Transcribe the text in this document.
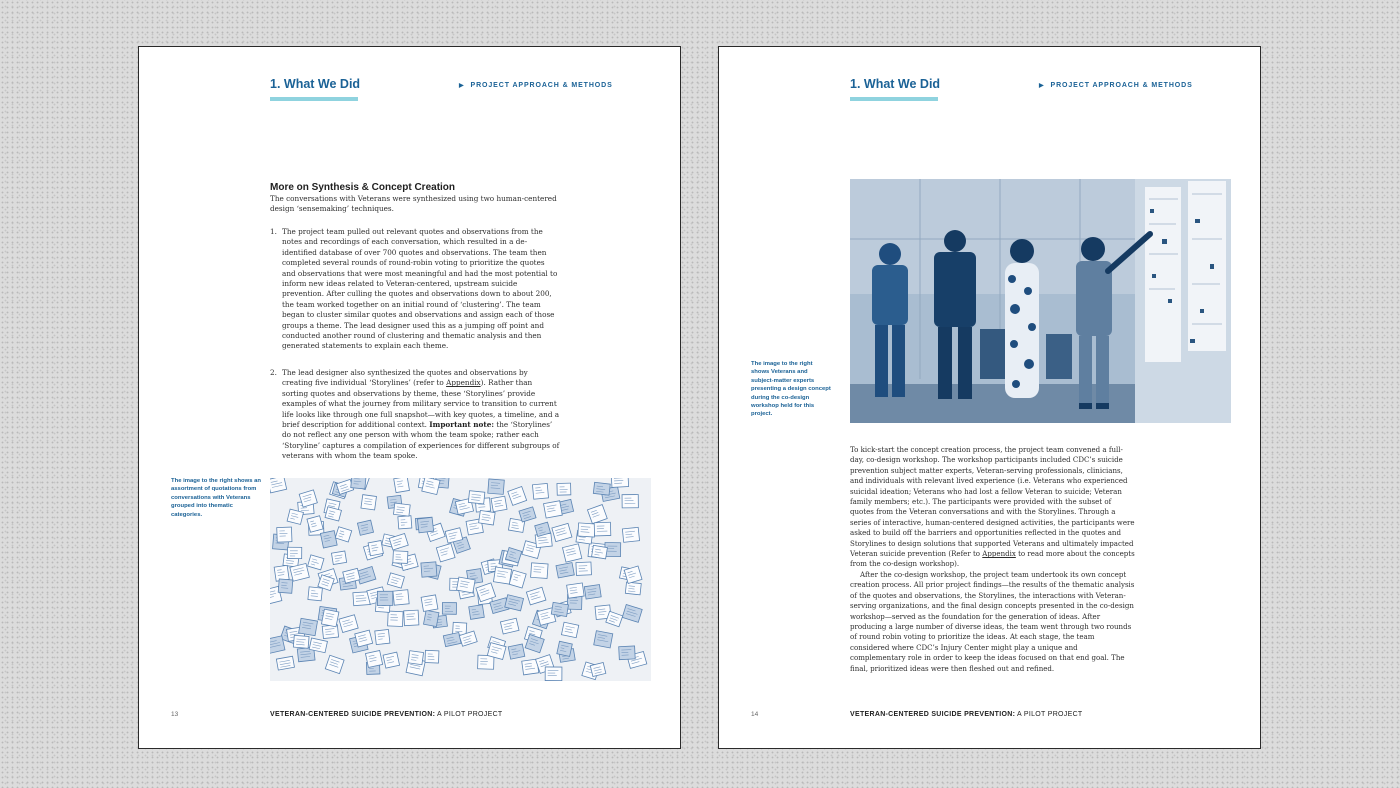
1. What We Did	▶ PROJECT APPROACH & METHODS
More on Synthesis & Concept Creation
The conversations with Veterans were synthesized using two human-centered design ‘sensemaking’ techniques.
1. The project team pulled out relevant quotes and observations from the notes and recordings of each conversation, which resulted in a de-identified database of over 700 quotes and observations. The team then completed several rounds of round-robin voting to prioritize the quotes and observations that were most meaningful and had the most potential to inform new ideas related to Veteran-centered, upstream suicide prevention. After culling the quotes and observations down to about 200, the team worked together on an initial round of ‘clustering’. The team began to cluster similar quotes and observations and assign each of those groups a theme. The lead designer used this as a jumping off point and conducted another round of clustering and thematic analysis and then generated statements to explain each theme.
2. The lead designer also synthesized the quotes and observations by creating five individual ‘Storylines’ (refer to Appendix). Rather than sorting quotes and observations by theme, these ‘Storylines’ provide examples of what the journey from military service to transition to current life looks like through one full snapshot—with key quotes, a timeline, and a brief description for additional context. Important note: the ‘Storylines’ do not reflect any one person with whom the team spoke; rather each ‘Storyline’ captures a compilation of experiences for different subgroups of veterans with whom the team spoke.
The image to the right shows an assortment of quotations from conversations with Veterans grouped into thematic categories.
13	VETERAN-CENTERED SUICIDE PREVENTION: A PILOT PROJECT
1. What We Did	▶ PROJECT APPROACH & METHODS
The image to the right shows Veterans and subject-matter experts presenting a design concept during the co-design workshop held for this project.

To kick-start the concept creation process, the project team convened a full-day, co-design workshop. The workshop participants included CDC’s suicide prevention subject matter experts, Veteran-serving professionals, clinicians, and individuals with relevant lived experience (i.e. Veterans who experienced suicidal ideation; Veterans who had lost a fellow Veteran to suicide; Veteran family members; etc.). The participants were provided with the subset of quotes from the Veteran conversations and with the Storylines. Through a series of interactive, human-centered designed activities, the participants were asked to build off the barriers and opportunities reflected in the quotes and Storylines to design solutions that supported Veterans and ultimately impacted Veteran suicide prevention (Refer to Appendix to read more about the concepts from the co-design workshop).

After the co-design workshop, the project team undertook its own concept creation process. All prior project findings—the results of the thematic analysis of the quotes and observations, the Storylines, the interactions with Veteran-serving organizations, and the final design concepts presented in the co-design workshop—served as the foundation for the generation of ideas. After producing a large number of diverse ideas, the team went through two rounds of round robin voting to prioritize the ideas. At each stage, the team considered where CDC’s Injury Center might play a unique and complementary role in order to keep the ideas focused on that end goal. The final, prioritized ideas were then fleshed out and refined.

14	VETERAN-CENTERED SUICIDE PREVENTION: A PILOT PROJECT
